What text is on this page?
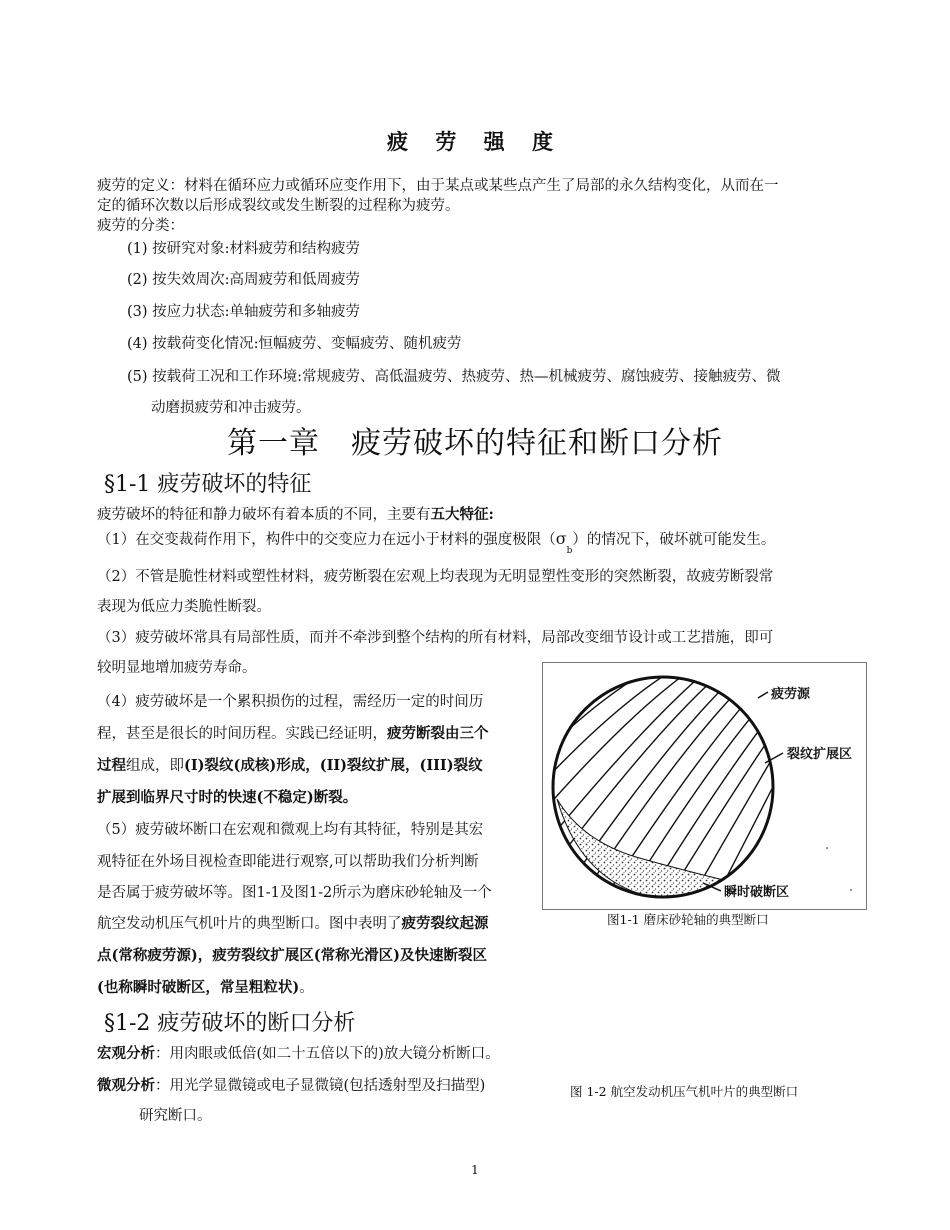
疲 劳 强 度
疲劳的定义：材料在循环应力或循环应变作用下，由于某点或某些点产生了局部的永久结构变化，从而在一
定的循环次数以后形成裂纹或发生断裂的过程称为疲劳。
疲劳的分类：
(1) 按研究对象:材料疲劳和结构疲劳
(2) 按失效周次:高周疲劳和低周疲劳
(3) 按应力状态:单轴疲劳和多轴疲劳
(4) 按载荷变化情况:恒幅疲劳、变幅疲劳、随机疲劳
(5) 按载荷工况和工作环境:常规疲劳、高低温疲劳、热疲劳、热—机械疲劳、腐蚀疲劳、接触疲劳、微
动磨损疲劳和冲击疲劳。
第一章　疲劳破坏的特征和断口分析
§1-1 疲劳破坏的特征
疲劳破坏的特征和静力破坏有着本质的不同，主要有五大特征:
（1）在交变裁荷作用下，构件中的交变应力在远小于材料的强度极限$(\sigma_b)$的情况下，破坏就可能发生。
（2）不管是脆性材料或塑性材料，疲劳断裂在宏观上均表现为无明显塑性变形的突然断裂，故疲劳断裂常
表现为低应力类脆性断裂。
（3）疲劳破坏常具有局部性质，而并不牵涉到整个结构的所有材料，局部改变细节设计或工艺措施，即可
较明显地增加疲劳寿命。
（4）疲劳破坏是一个累积损伤的过程，需经历一定的时间历
程，甚至是很长的时间历程。实践已经证明，疲劳断裂由三个
过程组成，即(I)裂纹(成核)形成，(II)裂纹扩展，(III)裂纹
扩展到临界尺寸时的快速(不稳定)断裂。
（5）疲劳破坏断口在宏观和微观上均有其特征，特别是其宏
观特征在外场目视检查即能进行观察,可以帮助我们分析判断
是否属于疲劳破坏等。图1-1及图1-2所示为磨床砂轮轴及一个
航空发动机压气机叶片的典型断口。图中表明了疲劳裂纹起源
点(常称疲劳源)，疲劳裂纹扩展区(常称光滑区)及快速断裂区
(也称瞬时破断区，常呈粗粒状)。
疲劳源
裂纹扩展区
瞬时破断区
图1-1 磨床砂轮轴的典型断口
§1-2 疲劳破坏的断口分析
宏观分析：用肉眼或低倍(如二十五倍以下的)放大镜分析断口。
微观分析：用光学显微镜或电子显微镜(包括透射型及扫描型)
研究断口。
图 1-2 航空发动机压气机叶片的典型断口
1
